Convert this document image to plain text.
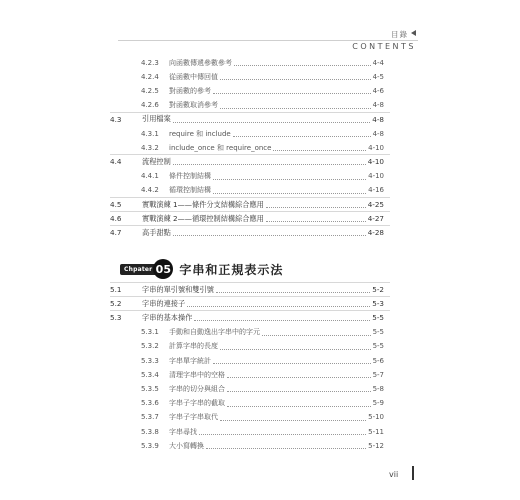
目錄
CONTENTS
4.2.3	向函數傳遞參數參考	4-4
4.2.4	從函數中傳回值	4-5
4.2.5	對函數的參考	4-6
4.2.6	對函數取消參考	4-8
4.3	引用檔案	4-8
4.3.1	require 和 include	4-8
4.3.2	include_once 和 require_once	4-10
4.4	流程控制	4-10
4.4.1	條件控制結構	4-10
4.4.2	循環控制結構	4-16
4.5	實戰演練 1——條件分支結構綜合應用	4-25
4.6	實戰演練 2——循環控制結構綜合應用	4-27
4.7	高手甜點	4-28
5.1	字串的單引號和雙引號	5-2
5.2	字串的連接子	5-3
5.3	字串的基本操作	5-5
5.3.1	手動和自動逸出字串中的字元	5-5
5.3.2	計算字串的長度	5-5
5.3.3	字串單字統計	5-6
5.3.4	清理字串中的空格	5-7
5.3.5	字串的切分與組合	5-8
5.3.6	字串子字串的截取	5-9
5.3.7	字串子字串取代	5-10
5.3.8	字串尋找	5-11
5.3.9	大小寫轉換	5-12
Chpater 05 字串和正規表示法
vii
